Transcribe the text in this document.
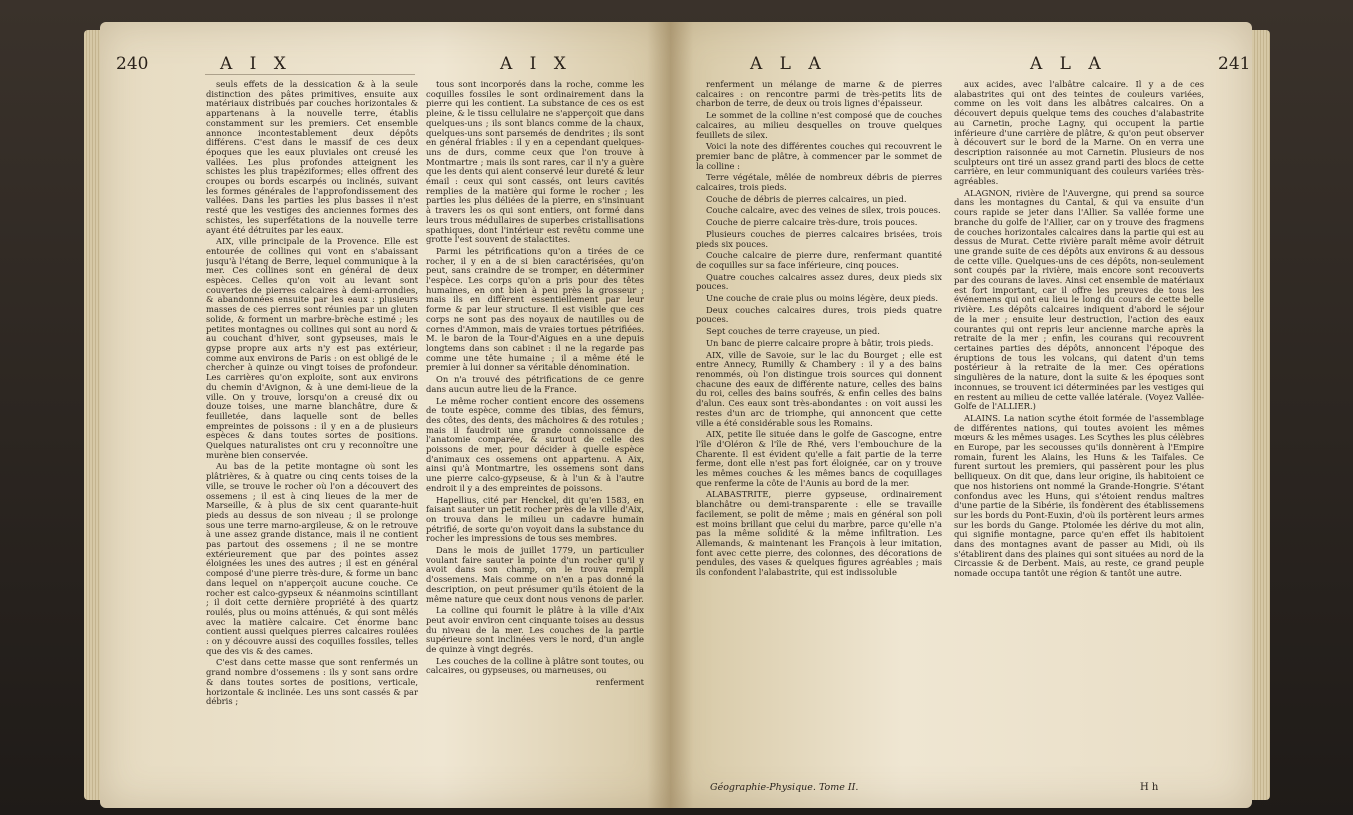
240	A I X	A I X

seuls effets de la dessication & à la seule distinction des pâtes primitives, ensuite aux matériaux distribués par couches horizontales & appartenans à la nouvelle terre, établis constamment sur les premiers. Cet ensemble annonce incontestablement deux dépôts différens. C'est dans le massif de ces deux époques que les eaux pluviales ont creusé les vallées. Les plus profondes atteignent les schistes les plus trapéziformes; elles offrent des croupes ou bords escarpés ou inclinés, suivant les formes générales de l'approfondissement des vallées. Dans les parties les plus basses il n'est resté que les vestiges des anciennes formes des schistes, les superfétations de la nouvelle terre ayant été détruites par les eaux.

AIX, ville principale de la Provence. Elle est entourée de collines qui vont en s'abaissant jusqu'à l'étang de Berre, lequel communique à la mer. Ces collines sont en général de deux espèces. Celles qu'on voit au levant sont couvertes de pierres calcaires à demi-arrondies, & abandonnées ensuite par les eaux : plusieurs masses de ces pierres sont réunies par un gluten solide, & forment un marbre-brèche estimé ; les petites montagnes ou collines qui sont au nord & au couchant d'hiver, sont gypseuses, mais le gypse propre aux arts n'y est pas extérieur, comme aux environs de Paris : on est obligé de le chercher à quinze ou vingt toises de profondeur. Les carrières qu'on exploite, sont aux environs du chemin d'Avignon, & à une demi-lieue de la ville. On y trouve, lorsqu'on a creusé dix ou douze toises, une marne blanchâtre, dure & feuilletée, dans laquelle sont de belles empreintes de poissons : il y en a de plusieurs espèces & dans toutes sortes de positions. Quelques naturalistes ont cru y reconnoître une murène bien conservée.

Au bas de la petite montagne où sont les plâtrières, & à quatre ou cinq cents toises de la ville, se trouve le rocher où l'on a découvert des ossemens ; il est à cinq lieues de la mer de Marseille, & à plus de six cent quarante-huit pieds au dessus de son niveau ; il se prolonge sous une terre marno-argileuse, & on le retrouve à une assez grande distance, mais il ne contient pas partout des ossemens ; il ne se montre extérieurement que par des pointes assez éloignées les unes des autres ; il est en général composé d'une pierre très-dure, & forme un banc dans lequel on n'apperçoit aucune couche. Ce rocher est calco-gypseux & néanmoins scintillant ; il doit cette dernière propriété à des quartz roulés, plus ou moins atténués, & qui sont mêlés avec la matière calcaire. Cet énorme banc contient aussi quelques pierres calcaires roulées : on y découvre aussi des coquilles fossiles, telles que des vis & des cames.

C'est dans cette masse que sont renfermés un grand nombre d'ossemens : ils y sont sans ordre & dans toutes sortes de positions, verticale, horizontale & inclinée. Les uns sont cassés & par débris ;

tous sont incorporés dans la roche, comme les coquilles fossiles le sont ordinairement dans la pierre qui les contient. La substance de ces os est pleine, & le tissu cellulaire ne s'apperçoit que dans quelques-uns ; ils sont blancs comme de la chaux, quelques-uns sont parsemés de dendrites ; ils sont en général friables : il y en a cependant quelques-uns de durs, comme ceux que l'on trouve à Montmartre ; mais ils sont rares, car il n'y a guère que les dents qui aient conservé leur dureté & leur émail : ceux qui sont cassés, ont leurs cavités remplies de la matière qui forme le rocher ; les parties les plus déliées de la pierre, en s'insinuant à travers les os qui sont entiers, ont formé dans leurs trous médullaires de superbes cristallisations spathiques, dont l'intérieur est revêtu comme une grotte l'est souvent de stalactites.

Parmi les pétrifications qu'on a tirées de ce rocher, il y en a de si bien caractérisées, qu'on peut, sans craindre de se tromper, en déterminer l'espèce. Les corps qu'on a pris pour des têtes humaines, en ont bien à peu près la grosseur ; mais ils en diffèrent essentiellement par leur forme & par leur structure. Il est visible que ces corps ne sont pas des noyaux de nautilles ou de cornes d'Ammon, mais de vraies tortues pétrifiées. M. le baron de la Tour-d'Aigues en a une depuis longtems dans son cabinet : il ne la regarde pas comme une tête humaine ; il a même été le premier à lui donner sa véritable dénomination.

On n'a trouvé des pétrifications de ce genre dans aucun autre lieu de la France.

Le même rocher contient encore des ossemens de toute espèce, comme des tibias, des fémurs, des côtes, des dents, des mâchoires & des rotules ; mais il faudroit une grande connoissance de l'anatomie comparée, & surtout de celle des poissons de mer, pour décider à quelle espèce d'animaux ces ossemens ont appartenu. A Aix, ainsi qu'à Montmartre, les ossemens sont dans une pierre calco-gypseuse, & à l'un & à l'autre endroit il y a des empreintes de poissons.

Hapellius, cité par Henckel, dit qu'en 1583, en faisant sauter un petit rocher près de la ville d'Aix, on trouva dans le milieu un cadavre humain pétrifié, de sorte qu'on voyoit dans la substance du rocher les impressions de tous ses membres.

Dans le mois de juillet 1779, un particulier voulant faire sauter la pointe d'un rocher qu'il y avoit dans son champ, on le trouva rempli d'ossemens. Mais comme on n'en a pas donné la description, on peut présumer qu'ils étoient de la même nature que ceux dont nous venons de parler.

La colline qui fournit le plâtre à la ville d'Aix peut avoir environ cent cinquante toises au dessus du niveau de la mer. Les couches de la partie supérieure sont inclinées vers le nord, d'un angle de quinze à vingt degrés.

Les couches de la colline à plâtre sont toutes, ou calcaires, ou gypseuses, ou marneuses, ou

renferment

A L A	A L A	241

renferment un mélange de marne & de pierres calcaires : on rencontre parmi de très-petits lits de charbon de terre, de deux ou trois lignes d'épaisseur.

Le sommet de la colline n'est composé que de couches calcaires, au milieu desquelles on trouve quelques feuillets de silex.

Voici la note des différentes couches qui recouvrent le premier banc de plâtre, à commencer par le sommet de la colline :

Terre végétale, mêlée de nombreux débris de pierres calcaires, trois pieds.

Couche de débris de pierres calcaires, un pied.

Couche calcaire, avec des veines de silex, trois pouces.

Couche de pierre calcaire très-dure, trois pouces.

Plusieurs couches de pierres calcaires brisées, trois pieds six pouces.

Couche calcaire de pierre dure, renfermant quantité de coquilles sur sa face inférieure, cinq pouces.

Quatre couches calcaires assez dures, deux pieds six pouces.

Une couche de craie plus ou moins légère, deux pieds.

Deux couches calcaires dures, trois pieds quatre pouces.

Sept couches de terre crayeuse, un pied.

Un banc de pierre calcaire propre à bâtir, trois pieds.

AIX, ville de Savoie, sur le lac du Bourget ; elle est entre Annecy, Rumilly & Chambery : il y a des bains renommés, où l'on distingue trois sources qui donnent chacune des eaux de différente nature, celles des bains du roi, celles des bains soufrés, & enfin celles des bains d'alun. Ces eaux sont très-abondantes : on voit aussi les restes d'un arc de triomphe, qui annoncent que cette ville a été considérable sous les Romains.

AIX, petite île située dans le golfe de Gascogne, entre l'île d'Oléron & l'île de Rhé, vers l'embouchure de la Charente. Il est évident qu'elle a fait partie de la terre ferme, dont elle n'est pas fort éloignée, car on y trouve les mêmes couches & les mêmes bancs de coquillages que renferme la côte de l'Aunis au bord de la mer.

ALABASTRITE, pierre gypseuse, ordinairement blanchâtre ou demi-transparente : elle se travaille facilement, se polit de même ; mais en général son poli est moins brillant que celui du marbre, parce qu'elle n'a pas la même solidité & la même infiltration. Les Allemands, & maintenant les François à leur imitation, font avec cette pierre, des colonnes, des décorations de pendules, des vases & quelques figures agréables ; mais ils confondent l'alabastrite, qui est indissoluble

aux acides, avec l'albâtre calcaire. Il y a de ces alabastrites qui ont des teintes de couleurs variées, comme on les voit dans les albâtres calcaires. On a découvert depuis quelque tems des couches d'alabastrite au Carnetin, proche Lagny, qui occupent la partie inférieure d'une carrière de plâtre, & qu'on peut observer à découvert sur le bord de la Marne. On en verra une description raisonnée au mot Carnetin. Plusieurs de nos sculpteurs ont tiré un assez grand parti des blocs de cette carrière, en leur communiquant des couleurs variées très-agréables.

ALAGNON, rivière de l'Auvergne, qui prend sa source dans les montagnes du Cantal, & qui va ensuite d'un cours rapide se jeter dans l'Allier. Sa vallée forme une branche du golfe de l'Allier, car on y trouve des fragmens de couches horizontales calcaires dans la partie qui est au dessus de Murat. Cette rivière paraît même avoir détruit une grande suite de ces dépôts aux environs & au dessous de cette ville. Quelques-uns de ces dépôts, non-seulement sont coupés par la rivière, mais encore sont recouverts par des courans de laves. Ainsi cet ensemble de matériaux est fort important, car il offre les preuves de tous les événemens qui ont eu lieu le long du cours de cette belle rivière. Les dépôts calcaires indiquent d'abord le séjour de la mer ; ensuite leur destruction, l'action des eaux courantes qui ont repris leur ancienne marche après la retraite de la mer ; enfin, les courans qui recouvrent certaines parties des dépôts, annoncent l'époque des éruptions de tous les volcans, qui datent d'un tems postérieur à la retraite de la mer. Ces opérations singulières de la nature, dont la suite & les époques sont inconnues, se trouvent ici déterminées par les vestiges qui en restent au milieu de cette vallée latérale. (Voyez Vallée-Golfe de l'ALLIER.)

ALAINS. La nation scythe étoit formée de l'assemblage de différentes nations, qui toutes avoient les mêmes mœurs & les mêmes usages. Les Scythes les plus célèbres en Europe, par les secousses qu'ils donnèrent à l'Empire romain, furent les Alains, les Huns & les Taifales. Ce furent surtout les premiers, qui passèrent pour les plus belliqueux. On dit que, dans leur origine, ils habitoient ce que nos historiens ont nommé la Grande-Hongrie. S'étant confondus avec les Huns, qui s'étoient rendus maîtres d'une partie de la Sibérie, ils fondèrent des établissemens sur les bords du Pont-Euxin, d'où ils portèrent leurs armes sur les bords du Gange. Ptolomée les dérive du mot alin, qui signifie montagne, parce qu'en effet ils habitoient dans des montagnes avant de passer au Midi, où ils s'établirent dans des plaines qui sont situées au nord de la Circassie & de Derbent. Mais, au reste, ce grand peuple nomade occupa tantôt une région & tantôt une autre.

Géographie-Physique. Tome II.	H h
